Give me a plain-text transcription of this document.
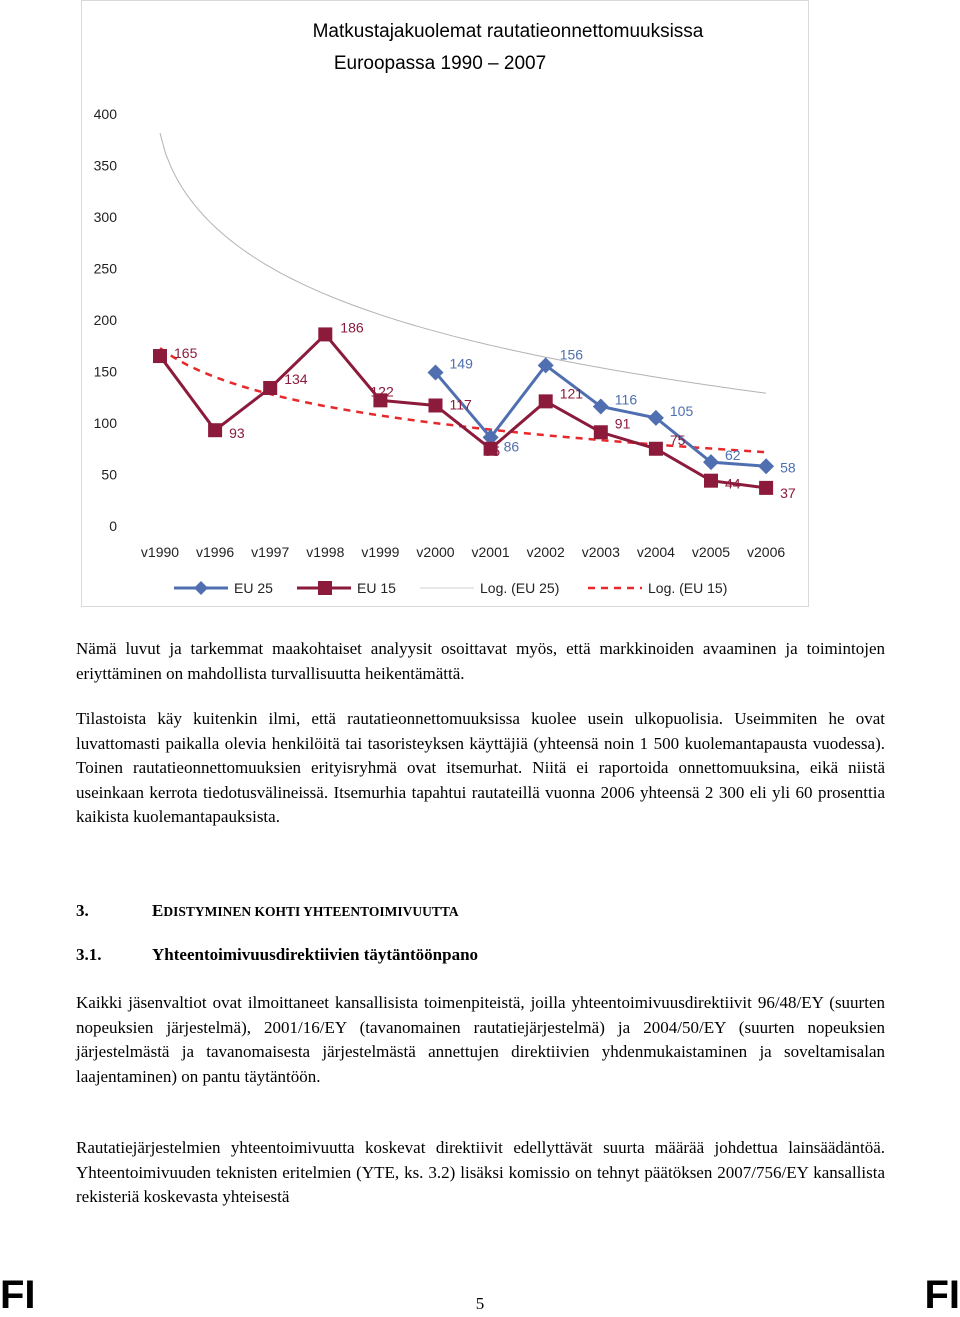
Matkustajakuolemat rautatieonnettomuuksissa
Euroopassa 1990 – 2007
0
50
100
150
200
250
300
350
400
v1990 v1996 v1997 v1998 v1999 v2000 v2001 v2002 v2003 v2004 v2005 v2006
149
86
156
116
105
62
58
165
93
134
186
122
117
75
121
91
75
44
37
EU 25	EU 15	Log. (EU 25)	Log. (EU 15)

Nämä luvut ja tarkemmat maakohtaiset analyysit osoittavat myös, että markkinoiden avaaminen ja toimintojen eriyttäminen on mahdollista turvallisuutta heikentämättä.

Tilastoista käy kuitenkin ilmi, että rautatieonnettomuuksissa kuolee usein ulkopuolisia. Useimmiten he ovat luvattomasti paikalla olevia henkilöitä tai tasoristeyksen käyttäjiä (yhteensä noin 1 500 kuolemantapausta vuodessa). Toinen rautatieonnettomuuksien erityisryhmä ovat itsemurhat. Niitä ei raportoida onnettomuuksina, eikä niistä useinkaan kerrota tiedotusvälineissä. Itsemurhia tapahtui rautateillä vuonna 2006 yhteensä 2 300 eli yli 60 prosenttia kaikista kuolemantapauksista.

3.	EDISTYMINEN KOHTI YHTEENTOIMIVUUTTA
3.1.	Yhteentoimivuusdirektiivien täytäntöönpano

Kaikki jäsenvaltiot ovat ilmoittaneet kansallisista toimenpiteistä, joilla yhteentoimivuusdirektiivit 96/48/EY (suurten nopeuksien järjestelmä), 2001/16/EY (tavanomainen rautatiejärjestelmä) ja 2004/50/EY (suurten nopeuksien järjestelmästä ja tavanomaisesta järjestelmästä annettujen direktiivien yhdenmukaistaminen ja soveltamisalan laajentaminen) on pantu täytäntöön.

Rautatiejärjestelmien yhteentoimivuutta koskevat direktiivit edellyttävät suurta määrää johdettua lainsäädäntöä. Yhteentoimivuuden teknisten eritelmien (YTE, ks. 3.2) lisäksi komissio on tehnyt päätöksen 2007/756/EY kansallista rekisteriä koskevasta yhteisestä

FI	FI
5
